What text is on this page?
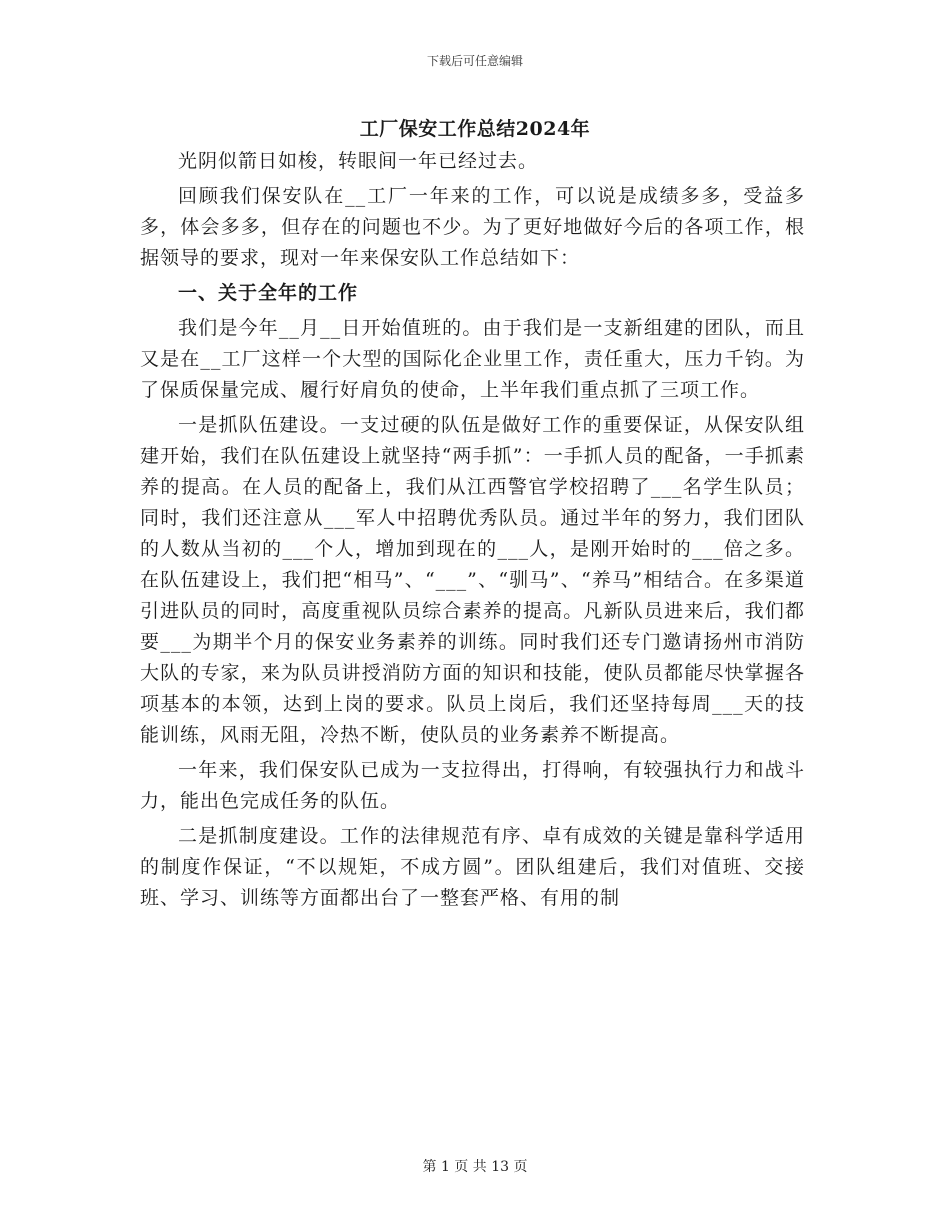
下载后可任意编辑
工厂保安工作总结2024年

光阴似箭日如梭，转眼间一年已经过去。

回顾我们保安队在__工厂一年来的工作，可以说是成绩多多，受益多多，体会多多，但存在的问题也不少。为了更好地做好今后的各项工作，根据领导的要求，现对一年来保安队工作总结如下：

一、关于全年的工作

我们是今年__月__日开始值班的。由于我们是一支新组建的团队，而且又是在__工厂这样一个大型的国际化企业里工作，责任重大，压力千钧。为了保质保量完成、履行好肩负的使命，上半年我们重点抓了三项工作。

一是抓队伍建设。一支过硬的队伍是做好工作的重要保证，从保安队组建开始，我们在队伍建设上就坚持“两手抓”：一手抓人员的配备，一手抓素养的提高。在人员的配备上，我们从江西警官学校招聘了___名学生队员；同时，我们还注意从___军人中招聘优秀队员。通过半年的努力，我们团队的人数从当初的___个人，增加到现在的___人，是刚开始时的___倍之多。在队伍建设上，我们把“相马”、“___”、“驯马”、“养马”相结合。在多渠道引进队员的同时，高度重视队员综合素养的提高。凡新队员进来后，我们都要___为期半个月的保安业务素养的训练。同时我们还专门邀请扬州市消防大队的专家，来为队员讲授消防方面的知识和技能，使队员都能尽快掌握各项基本的本领，达到上岗的要求。队员上岗后，我们还坚持每周___天的技能训练，风雨无阻，冷热不断，使队员的业务素养不断提高。

一年来，我们保安队已成为一支拉得出，打得响，有较强执行力和战斗力，能出色完成任务的队伍。

二是抓制度建设。工作的法律规范有序、卓有成效的关键是靠科学适用的制度作保证，“不以规矩，不成方圆”。团队组建后，我们对值班、交接班、学习、训练等方面都出台了一整套严格、有用的制

第 1 页 共 13 页
